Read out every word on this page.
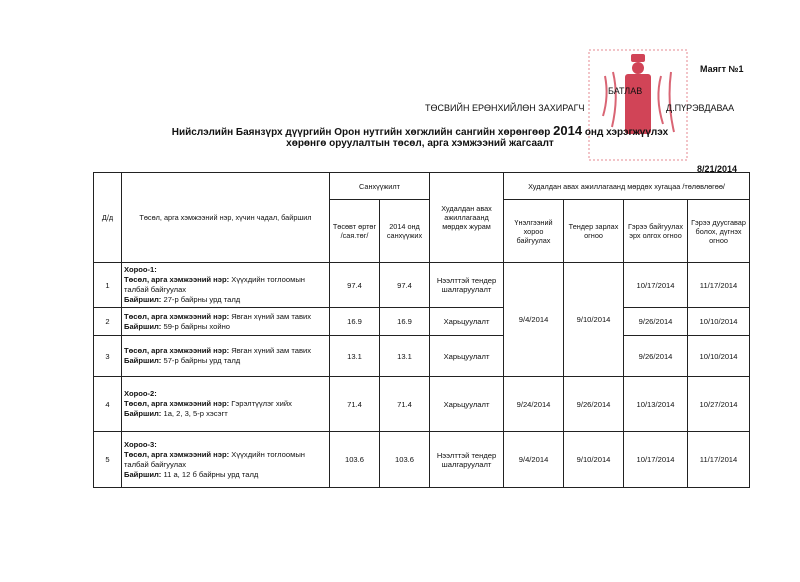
Маягт №1
БАТЛАВ
ТӨСВИЙН ЕРӨНХИЙЛӨН ЗАХИРАГЧ	Д.ПҮРЭВДАВАА
Нийслэлийн Баянзүрх дүүргийн Орон нутгийн хөгжлийн сангийн хөрөнгөөр 2014 онд хэрэгжүүлэх
хөрөнгө оруулалтын төсөл, арга хэмжээний жагсаалт
8/21/2014
Д/д	Төсөл, арга хэмжээний нэр, хүчин чадал, байршил	Санхүүжилт		Худалдан авах ажиллагаанд мөрдөх журам	Худалдан авах ажиллагаанд мөрдөх хугацаа /төлөвлөгөө/			
		Төсөвт өртөг /сая.төг/	2014 онд санхүүжих		Үнэлгээний хороо байгуулах	Тендер зарлах огноо	Гэрээ байгуулах эрх олгох огноо	Гэрээ дуусгавар болох, дүгнэх огноо
1	Хороо-1:
Төсөл, арга хэмжээний нэр: Хүүхдийн тоглоомын талбай байгуулах
Байршил: 27-р байрны урд талд	97.4	97.4	Нээлттэй тендер шалгаруулалт	9/4/2014	9/10/2014	10/17/2014	11/17/2014
2	Төсөл, арга хэмжээний нэр: Явган хүний зам тавих
Байршил: 59-р байрны хойно	16.9	16.9	Харьцуулалт			9/26/2014	10/10/2014
3	Төсөл, арга хэмжээний нэр: Явган хүний зам тавих
Байршил: 57-р байрны урд талд	13.1	13.1	Харьцуулалт			9/26/2014	10/10/2014
4	Хороо-2:
Төсөл, арга хэмжээний нэр: Гэрэлтүүлэг хийх
Байршил: 1а, 2, 3, 5-р хэсэгт	71.4	71.4	Харьцуулалт	9/24/2014	9/26/2014	10/13/2014	10/27/2014
5	Хороо-3:
Төсөл, арга хэмжээний нэр: Хүүхдийн тоглоомын талбай байгуулах
Байршил: 11 а, 12 б байрны урд талд	103.6	103.6	Нээлттэй тендер шалгаруулалт	9/4/2014	9/10/2014	10/17/2014	11/17/2014
